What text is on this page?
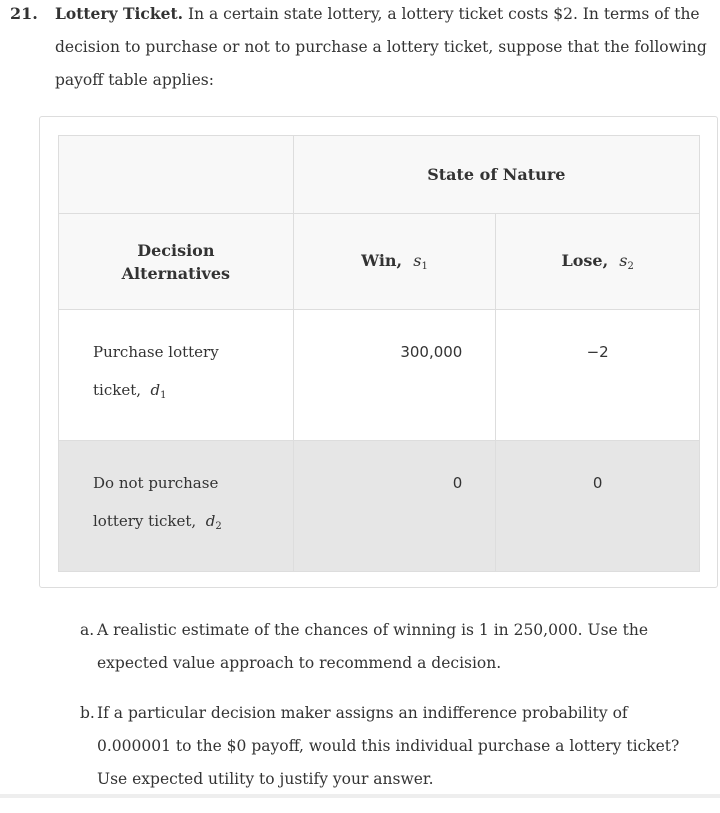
21. Lottery Ticket. In a certain state lottery, a lottery ticket costs $2. In terms of the decision to purchase or not to purchase a lottery ticket, suppose that the following payoff table applies:
	State of Nature	

Decision
Alternatives	Win, $s_1$	Lose, $s_2$

Purchase lottery
ticket, $d_1$	300,000	−2

Do not purchase
lottery ticket, $d_2$	0	0
a. A realistic estimate of the chances of winning is 1 in 250,000. Use the expected value approach to recommend a decision.
b. If a particular decision maker assigns an indifference probability of 0.000001 to the $0 payoff, would this individual purchase a lottery ticket? Use expected utility to justify your answer.
